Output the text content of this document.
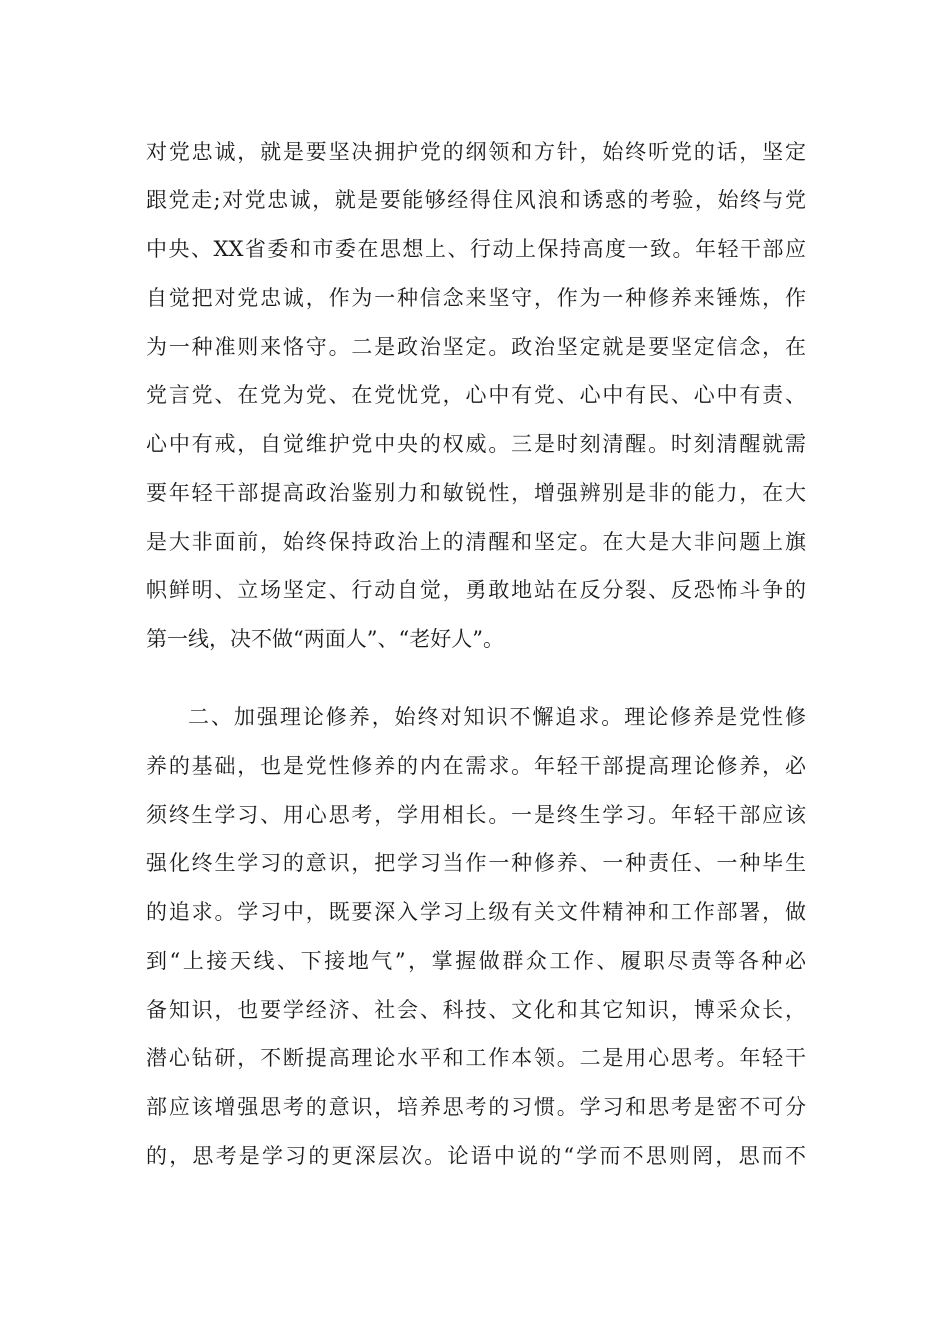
对党忠诚，就是要坚决拥护党的纲领和方针，始终听党的话，坚定
跟党走;对党忠诚，就是要能够经得住风浪和诱惑的考验，始终与党
中央、XX省委和市委在思想上、行动上保持高度一致。年轻干部应
自觉把对党忠诚，作为一种信念来坚守，作为一种修养来锤炼，作
为一种准则来恪守。二是政治坚定。政治坚定就是要坚定信念，在
党言党、在党为党、在党忧党，心中有党、心中有民、心中有责、
心中有戒，自觉维护党中央的权威。三是时刻清醒。时刻清醒就需
要年轻干部提高政治鉴别力和敏锐性，增强辨别是非的能力，在大
是大非面前，始终保持政治上的清醒和坚定。在大是大非问题上旗
帜鲜明、立场坚定、行动自觉，勇敢地站在反分裂、反恐怖斗争的
第一线，决不做“两面人”、“老好人”。
二、加强理论修养，始终对知识不懈追求。理论修养是党性修
养的基础，也是党性修养的内在需求。年轻干部提高理论修养，必
须终生学习、用心思考，学用相长。一是终生学习。年轻干部应该
强化终生学习的意识，把学习当作一种修养、一种责任、一种毕生
的追求。学习中，既要深入学习上级有关文件精神和工作部署，做
到“上接天线、下接地气”，掌握做群众工作、履职尽责等各种必
备知识，也要学经济、社会、科技、文化和其它知识，博采众长，
潜心钻研，不断提高理论水平和工作本领。二是用心思考。年轻干
部应该增强思考的意识，培养思考的习惯。学习和思考是密不可分
的，思考是学习的更深层次。论语中说的“学而不思则罔，思而不
